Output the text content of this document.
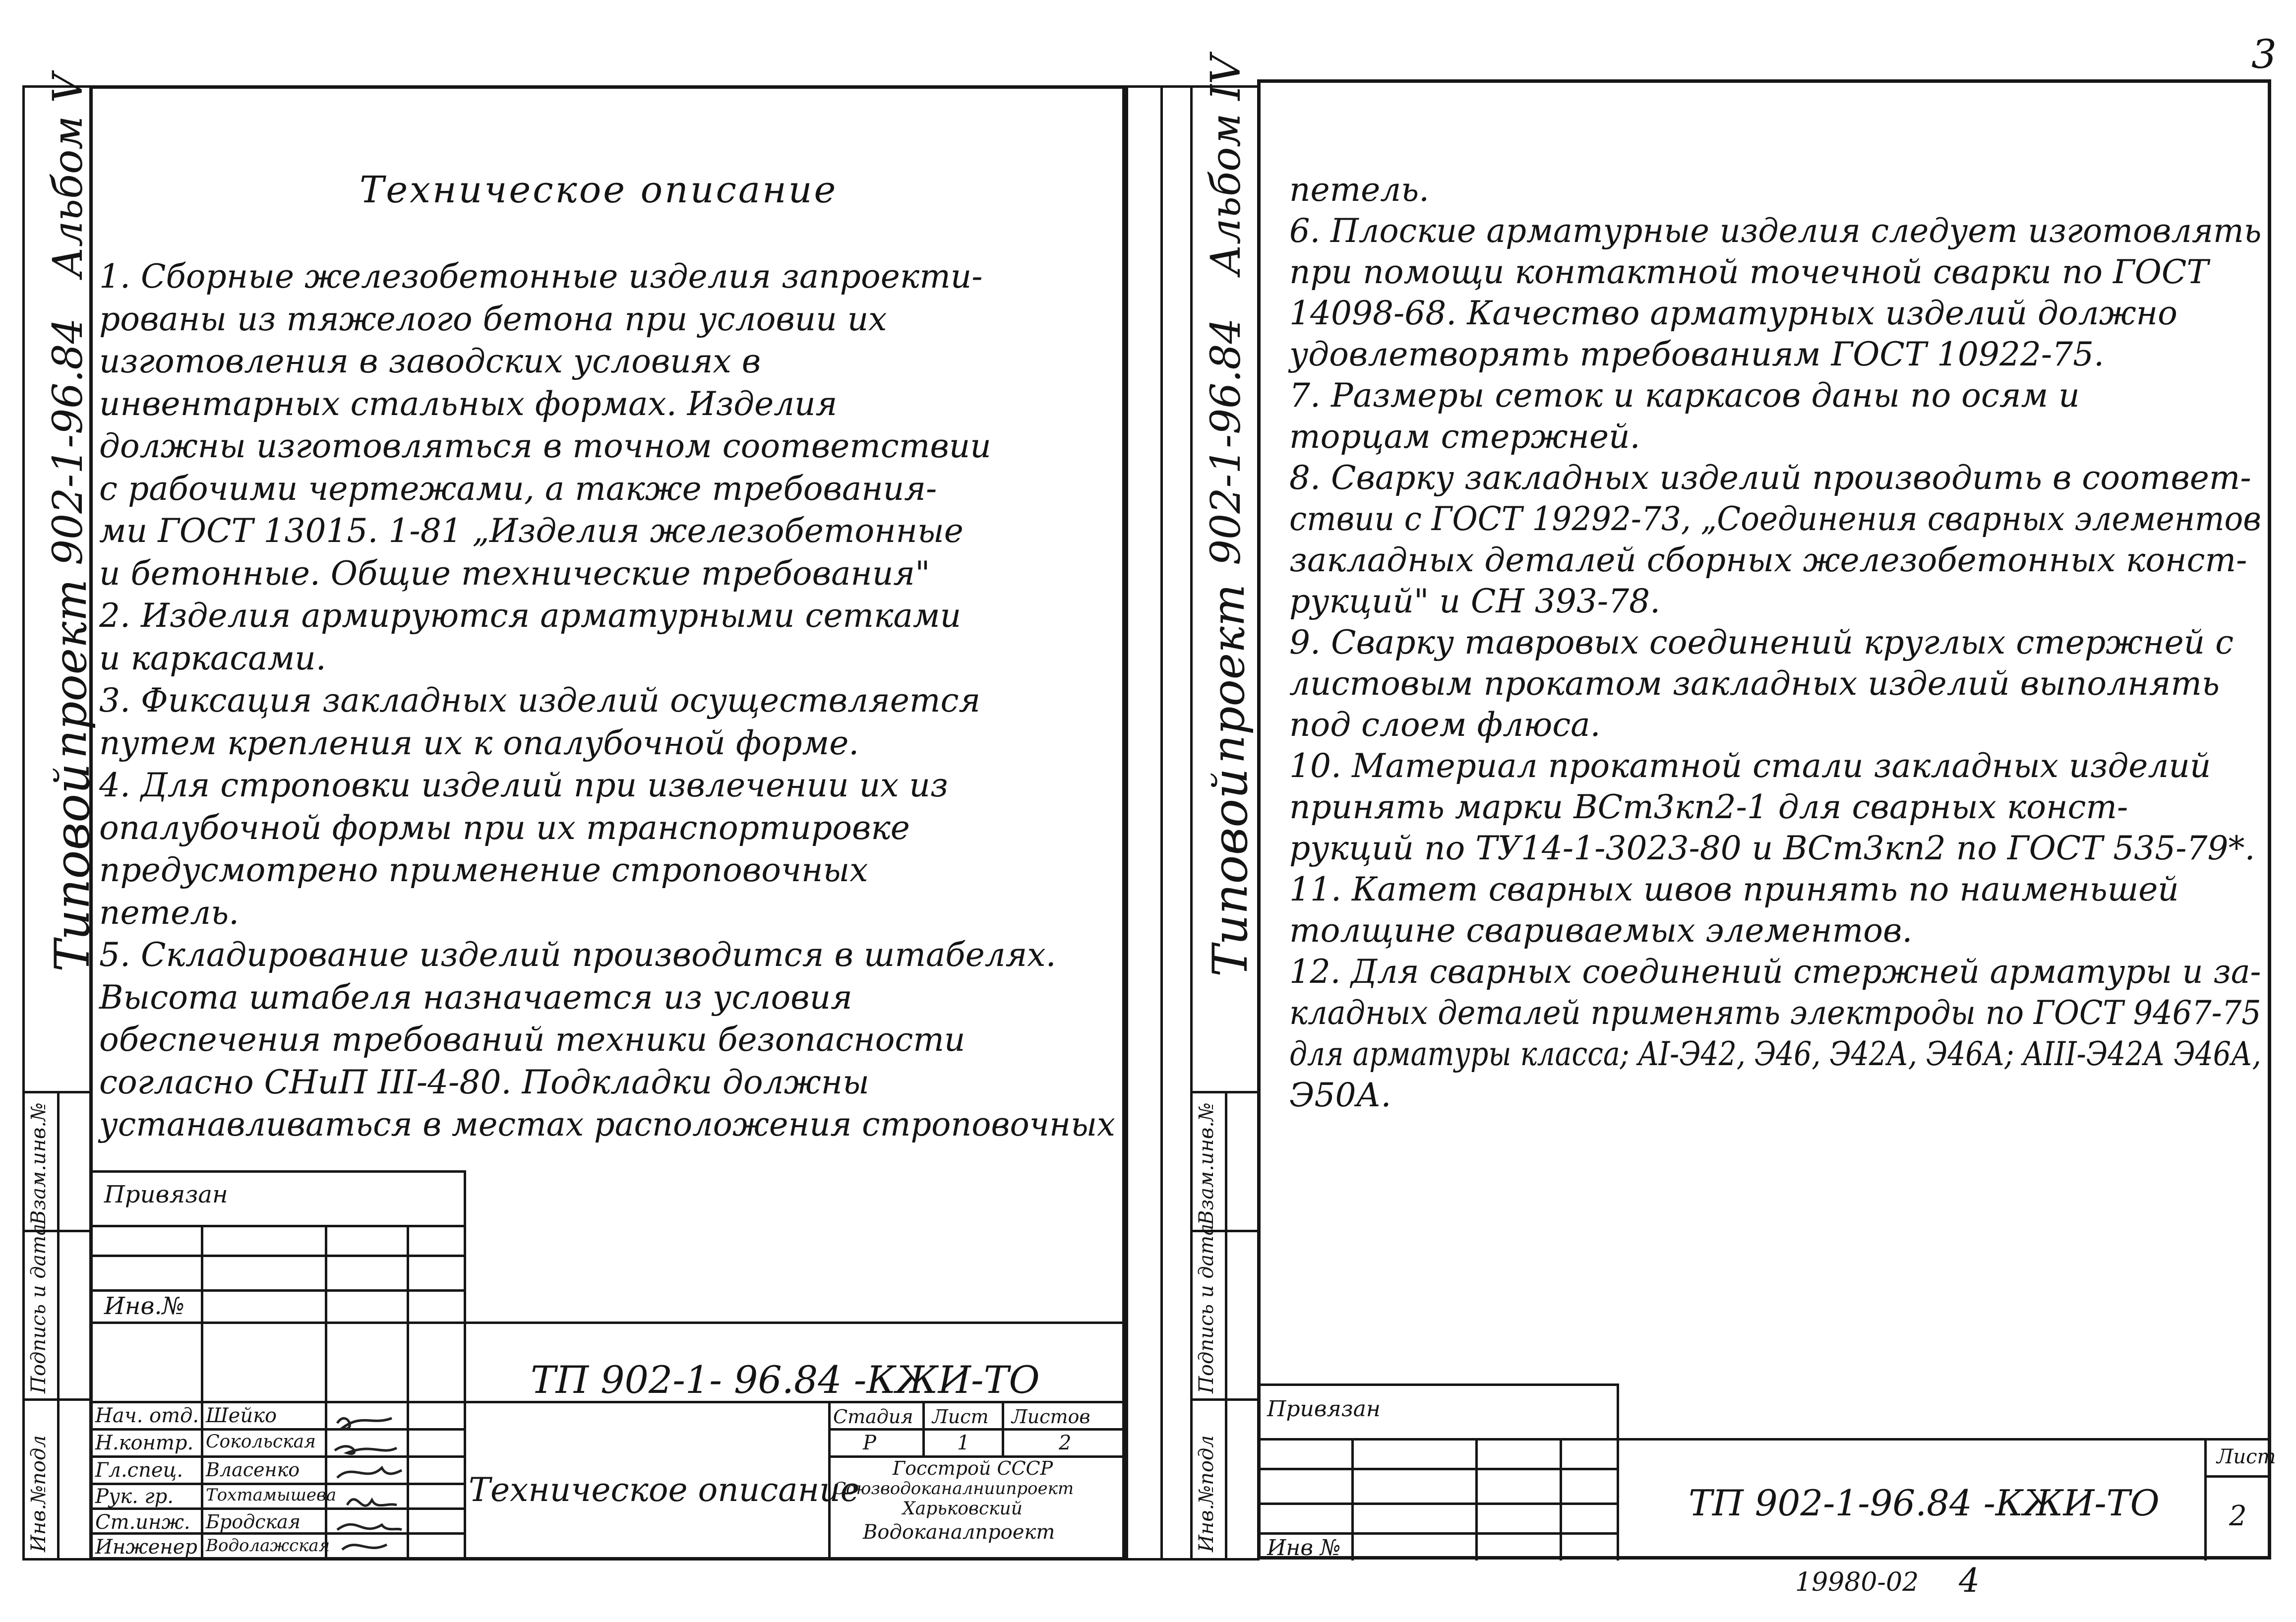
Альбом V
902-1-96.84
проект
Типовой
Инв.№подл
Подпись и дата
Взам.инв.№
Техническое описание
1. Сборные железобетонные изделия запроекти-
рованы из тяжелого бетона при условии их
изготовления в заводских условиях в
инвентарных стальных формах. Изделия
должны изготовляться в точном соответствии
с рабочими чертежами, а также требования-
ми ГОСТ 13015. 1-81 „Изделия железобетонные
и бетонные. Общие технические требования"
2. Изделия армируются арматурными сетками
и каркасами.
3. Фиксация закладных изделий осуществляется
путем крепления их к опалубочной форме.
4. Для строповки изделий при извлечении их из
опалубочной формы при их транспортировке
предусмотрено применение строповочных
петель.
5. Складирование изделий производится в штабелях.
Высота штабеля назначается из условия
обеспечения требований техники безопасности
согласно СНиП III-4-80. Подкладки должны
устанавливаться в местах расположения строповочных
Привязан
Инв.№
ТП 902-1- 96.84 -КЖИ-ТО
Техническое описание
Нач. отд. Шейко
Н.контр. Сокольская
Гл.спец. Власенко
Рук. гр. Тохтамышева
Ст.инж. Бродская
Инженер Водолажская
Стадия Лист Листов
Р	1	2
Госстрой СССР
Союзводоканалниипроект
Харьковский
Водоканалпроект
Альбом IV
902-1-96.84
проект
Типовой
Инв.№подл
Подпись и дата
Взам.инв.№
петель.
6. Плоские арматурные изделия следует изготовлять
при помощи контактной точечной сварки по ГОСТ
14098-68. Качество арматурных изделий должно
удовлетворять требованиям ГОСТ 10922-75.
7. Размеры сеток и каркасов даны по осям и
торцам стержней.
8. Сварку закладных изделий производить в соответ-
ствии с ГОСТ 19292-73, „Соединения сварных элементов
закладных деталей сборных железобетонных конст-
рукций" и СН 393-78.
9. Сварку тавровых соединений круглых стержней с
листовым прокатом закладных изделий выполнять
под слоем флюса.
10. Материал прокатной стали закладных изделий
принять марки ВСт3кп2-1 для сварных конст-
рукций по ТУ14-1-3023-80 и ВСт3кп2 по ГОСТ 535-79*.
11. Катет сварных швов принять по наименьшей
толщине свариваемых элементов.
12. Для сварных соединений стержней арматуры и за-
кладных деталей применять электроды по ГОСТ 9467-75
для арматуры класса; AI-Э42, Э46, Э42А, Э46А; AIII-Э42А Э46А,
Э50А.
Привязан
Инв №
ТП 902-1-96.84 -КЖИ-ТО
Лист
2
3
19980-02 4
